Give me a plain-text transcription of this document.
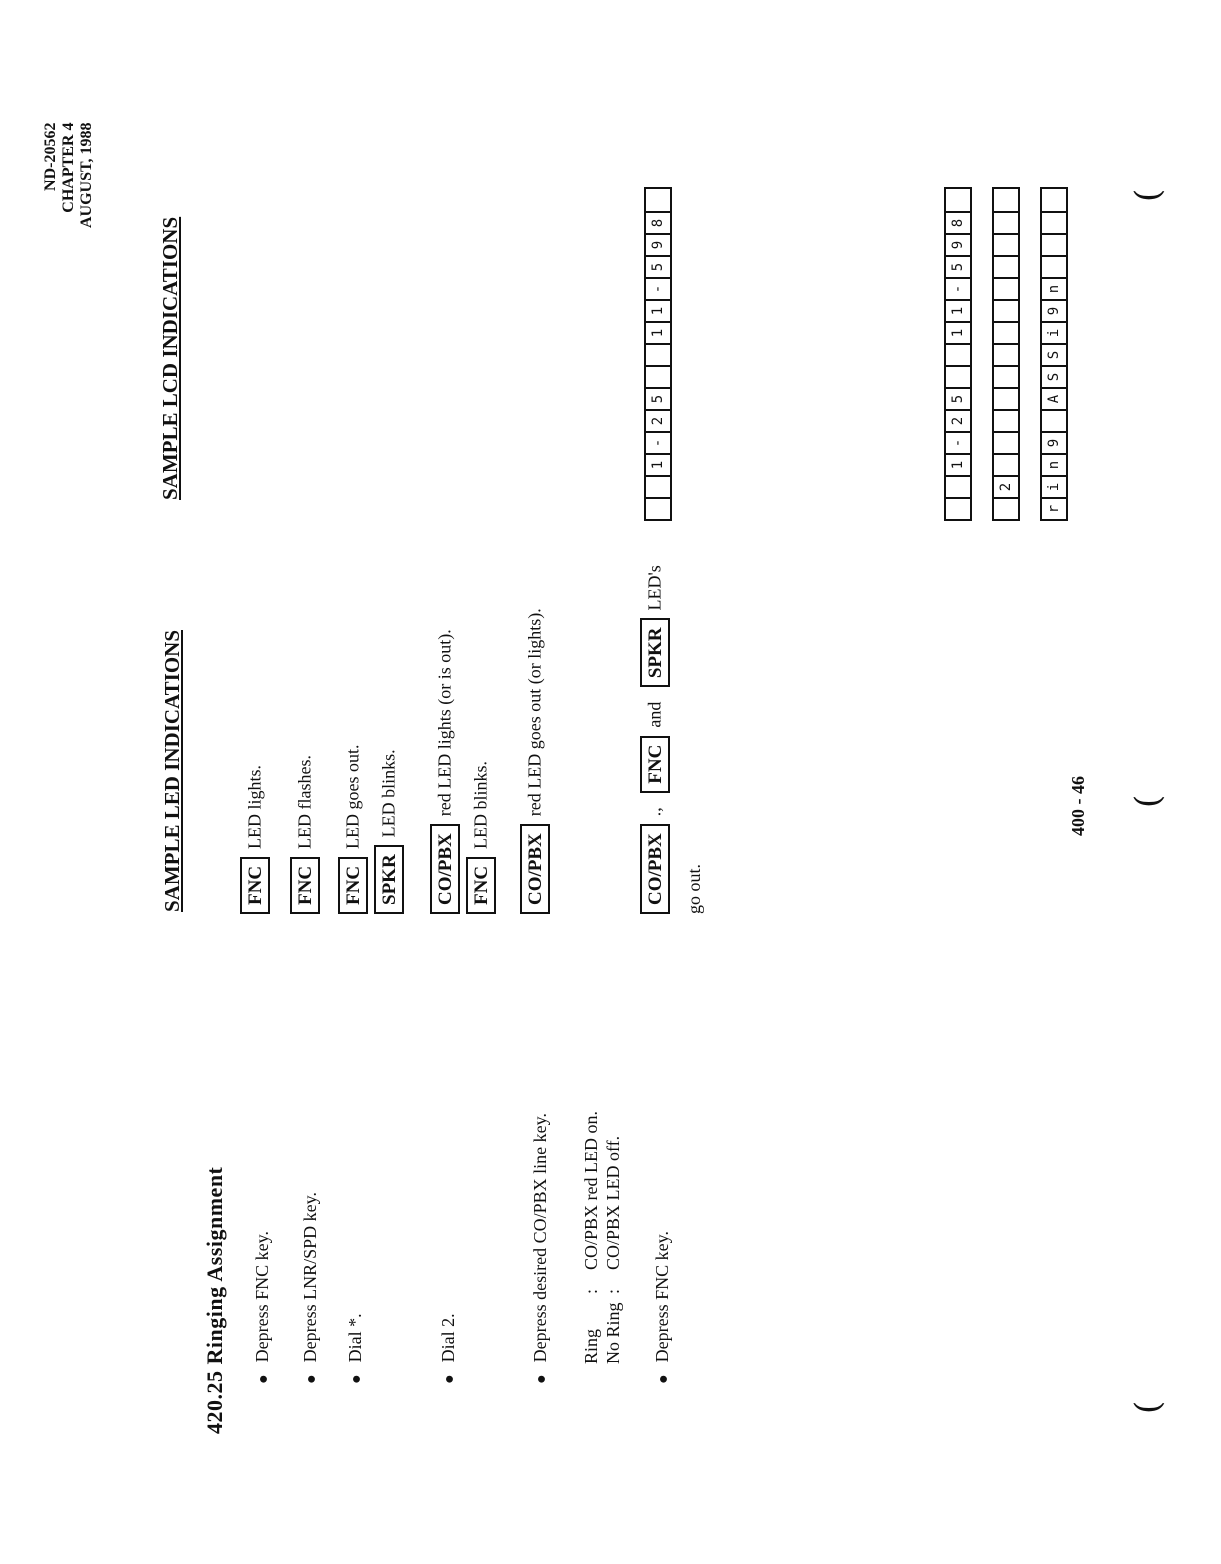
ND-20562 CHAPTER 4 AUGUST, 1988
420.25 Ringing Assignment
●Depress FNC key.
●Depress LNR/SPD key.
●Dial *.
●Dial 2.
●Depress desired CO/PBX line key. Ring:CO/PBX red LED on.
No Ring:CO/PBX LED off.
●Depress FNC key.
SAMPLE LED INDICATIONS	FNCLED lights.
FNCLED flashes.
FNCLED goes out.
SPKRLED blinks.
CO/PBXred LED lights (or is out).
FNCLED blinks.
CO/PBXred LED goes out (or lights).
CO/PBX., FNCand SPKRLED's
go out.
SAMPLE LCD INDICATIONS	1
-
2
5
1
1
-
5
9
8
2
r
i
n
9
A
S
S
i
9
n
1
-
2
5
1
1
-
5
9
8
400 - 46
(
(
(
